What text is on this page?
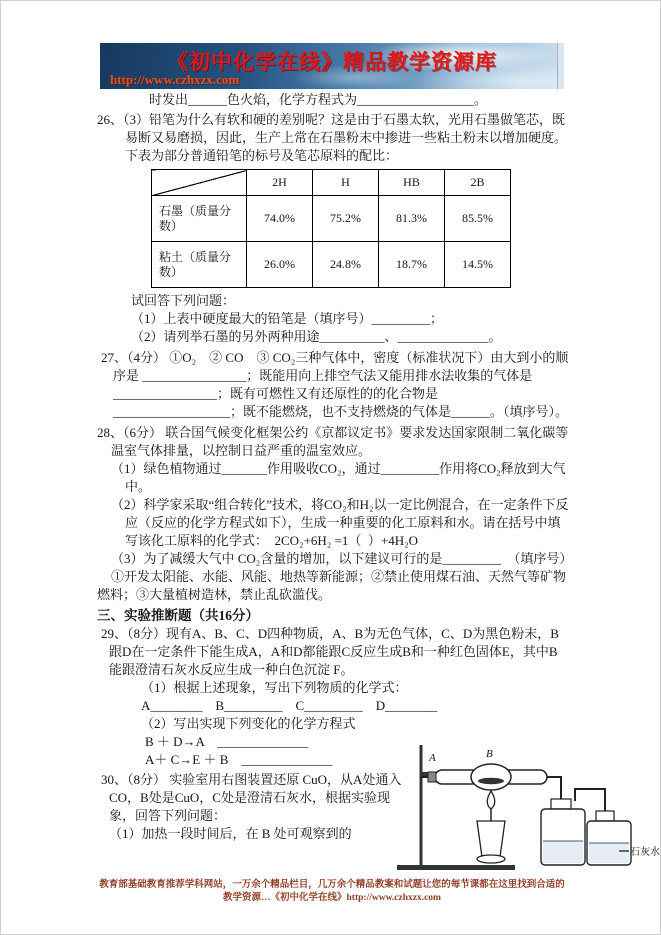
《初中化学在线》精品教学资源库
http://www.czhxzx.com

时发出______色火焰，化学方程式为__________________。

26、（3）铅笔为什么有软和硬的差别呢？这是由于石墨太软，光用石墨做笔芯，既易断又易磨损，因此，生产上常在石墨粉末中掺进一些粘土粉末以增加硬度。下表为部分普通铅笔的标号及笔芯原料的配比：

	2H	H	HB	2B
石墨（质量分数）	74.0%	75.2%	81.3%	85.5%
粘土（质量分数）	26.0%	24.8%	18.7%	14.5%

试回答下列问题：

（1）上表中硬度最大的铅笔是（填序号）_________；

（2）请列举石墨的另外两种用途__________、______________。

27、（4分） ①O₂　② CO　③ CO₂三种气体中，密度（标准状况下）由大到小的顺序是 ________________；既能用向上排空气法又能用排水法收集的气体是 ________________；既有可燃性又有还原性的的化合物是 __________________；既不能燃烧，也不支持燃烧的气体是______。（填序号）。

28、（6分） 联合国气候变化框架公约《京都议定书》要求发达国家限制二氧化碳等温室气体排量，以控制日益严重的温室效应。

（1）绿色植物通过_______作用吸收CO₂，通过_________作用将CO₂释放到大气中。

（2）科学家采取“组合转化”技术，将CO₂和H₂以一定比例混合，在一定条件下反应（反应的化学方程式如下），生成一种重要的化工原料和水。请在括号中填写该化工原料的化学式：  2CO₂+6H₂ =1（  ）+4H₂O

（3）为了减缓大气中 CO₂含量的增加，以下建议可行的是_________　（填序号）

①开发太阳能、水能、风能、地热等新能源；②禁止使用煤石油、天然气等矿物燃料；③大量植树造林，禁止乱砍滥伐。

三、实验推断题（共16分）

29、（8分）现有A、B、C、D四种物质，A、B为无色气体，C、D为黑色粉末，B跟D在一定条件下能生成A，A和D都能跟C反应生成B和一种红色固体E，其中B能跟澄清石灰水反应生成一种白色沉淀 F。

（1）根据上述现象，写出下列物质的化学式：

A________    B_________    C_________    D________

（2）写出实现下列变化的化学方程式

B ＋ D→A　______________

A＋ C→E ＋ B　______________

30、（8分） 实验室用右图装置还原 CuO，从A处通入CO，B处是CuO，C处是澄清石灰水，根据实验现象，回答下列问题：

（1）加热一段时间后，在 B 处可观察到的

A	B
石灰水
教育部基础教育推荐学科网站，一万余个精品栏目，几万余个精品教案和试题让您的每节课都在这里找到合适的
教学资源…《初中化学在线》http://www.czhxzx.com
